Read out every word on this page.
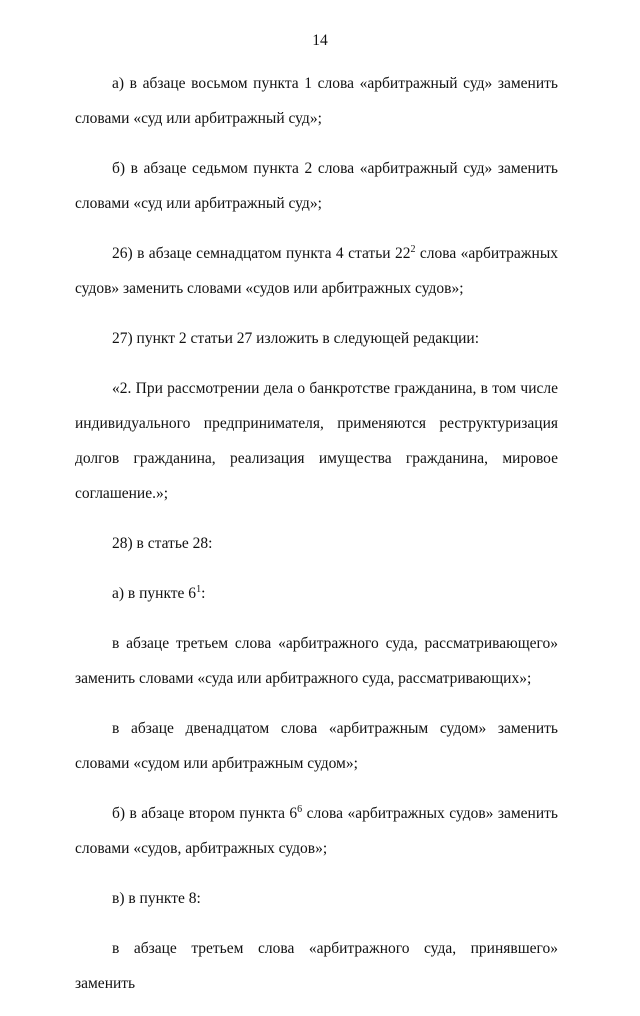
14

а) в абзаце восьмом пункта 1 слова «арбитражный суд» заменить словами «суд или арбитражный суд»;

б) в абзаце седьмом пункта 2 слова «арбитражный суд» заменить словами «суд или арбитражный суд»;

26) в абзаце семнадцатом пункта 4 статьи $22^2$ слова «арбитражных судов» заменить словами «судов или арбитражных судов»;

27) пункт 2 статьи 27 изложить в следующей редакции:

«2. При рассмотрении дела о банкротстве гражданина, в том числе индивидуального предпринимателя, применяются реструктуризация долгов гражданина, реализация имущества гражданина, мировое соглашение.»;

28) в статье 28:

а) в пункте $6^1$:

в абзаце третьем слова «арбитражного суда, рассматривающего» заменить словами «суда или арбитражного суда, рассматривающих»;

в абзаце двенадцатом слова «арбитражным судом» заменить словами «судом или арбитражным судом»;

б) в абзаце втором пункта $6^6$ слова «арбитражных судов» заменить словами «судов, арбитражных судов»;

в) в пункте 8:

в абзаце третьем слова «арбитражного суда, принявшего» заменить
